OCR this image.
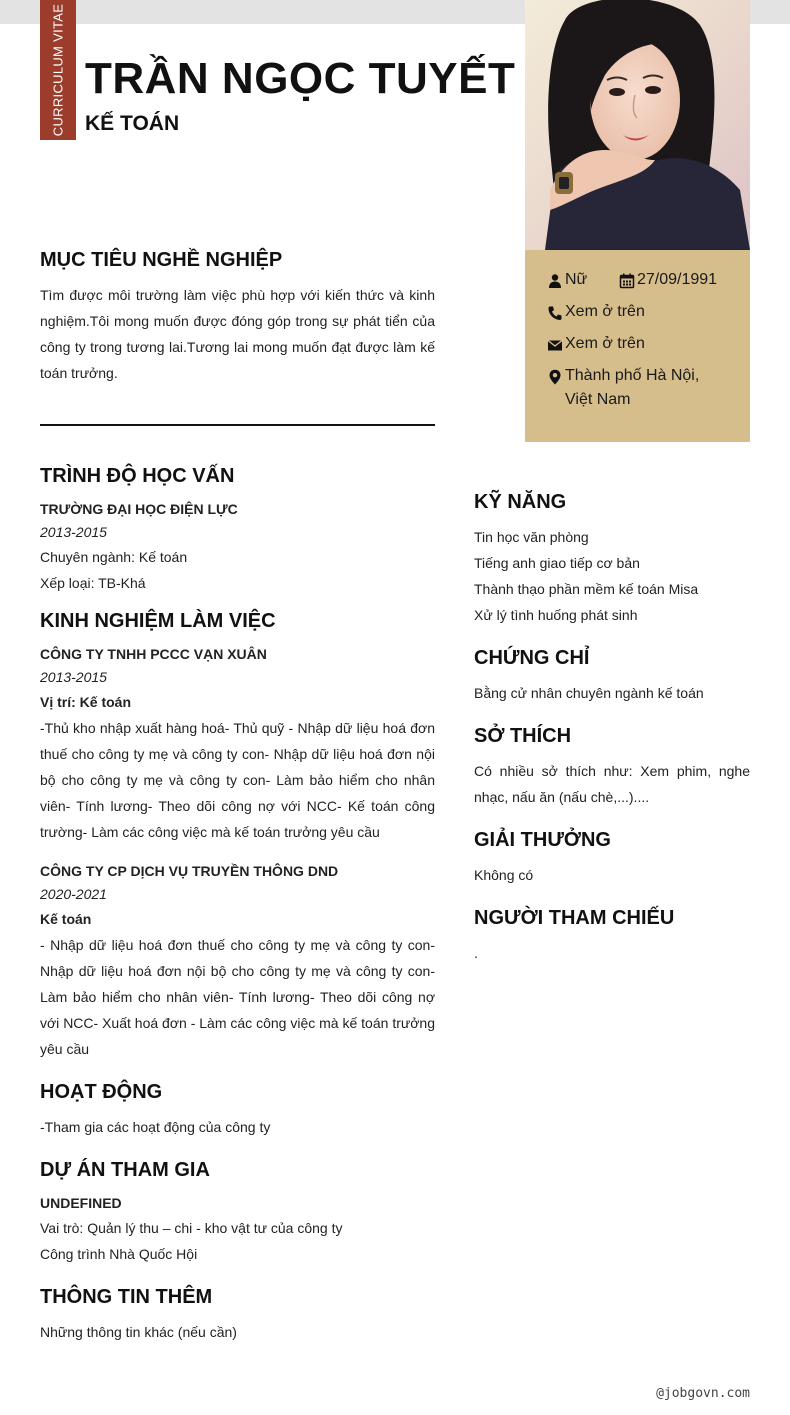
CURRICULUM VITAE TRẦN NGỌC TUYẾT
KẾ TOÁN
Nữ	27/09/1991
Xem ở trên
Xem ở trên
Thành phố Hà Nội, Việt Nam
MỤC TIÊU NGHỀ NGHIỆP
Tìm được môi trường làm việc phù hợp với kiến thức và kinh nghiệm.Tôi mong muốn được đóng góp trong sự phát tiển của công ty trong tương lai.Tương lai mong muốn đạt được làm kế toán trưởng.
TRÌNH ĐỘ HỌC VẤN
TRƯỜNG ĐẠI HỌC ĐIỆN LỰC
2013-2015
Chuyên ngành: Kế toán
Xếp loại: TB-Khá
KINH NGHIỆM LÀM VIỆC
CÔNG TY TNHH PCCC VẠN XUÂN
2013-2015
Vị trí: Kế toán
-Thủ kho nhập xuất hàng hoá- Thủ quỹ - Nhập dữ liệu hoá đơn thuế cho công ty mẹ và công ty con- Nhập dữ liệu hoá đơn nội bộ cho công ty mẹ và công ty con- Làm bảo hiểm cho nhân viên- Tính lương- Theo dõi công nợ với NCC- Kế toán công trường- Làm các công việc mà kế toán trưởng yêu cầu
CÔNG TY CP DỊCH VỤ TRUYỀN THÔNG DND
2020-2021
Kế toán
- Nhập dữ liệu hoá đơn thuế cho công ty mẹ và công ty con- Nhập dữ liệu hoá đơn nội bộ cho công ty mẹ và công ty con- Làm bảo hiểm cho nhân viên- Tính lương- Theo dõi công nợ với NCC- Xuất hoá đơn - Làm các công việc mà kế toán trưởng yêu cầu
HOẠT ĐỘNG
-Tham gia các hoạt động của công ty
DỰ ÁN THAM GIA
UNDEFINED
Vai trò: Quản lý thu – chi - kho vật tư của công ty
Công trình Nhà Quốc Hội
THÔNG TIN THÊM
Những thông tin khác (nếu cần)
KỸ NĂNG
Tin học văn phòng
Tiếng anh giao tiếp cơ bản
Thành thạo phần mềm kế toán Misa
Xử lý tình huống phát sinh
CHỨNG CHỈ
Bằng cử nhân chuyên ngành kế toán
SỞ THÍCH
Có nhiều sở thích như: Xem phim, nghe nhạc, nấu ăn (nấu chè,...)....
GIẢI THƯỞNG
Không có
NGƯỜI THAM CHIẾU
.
@jobgovn.com
